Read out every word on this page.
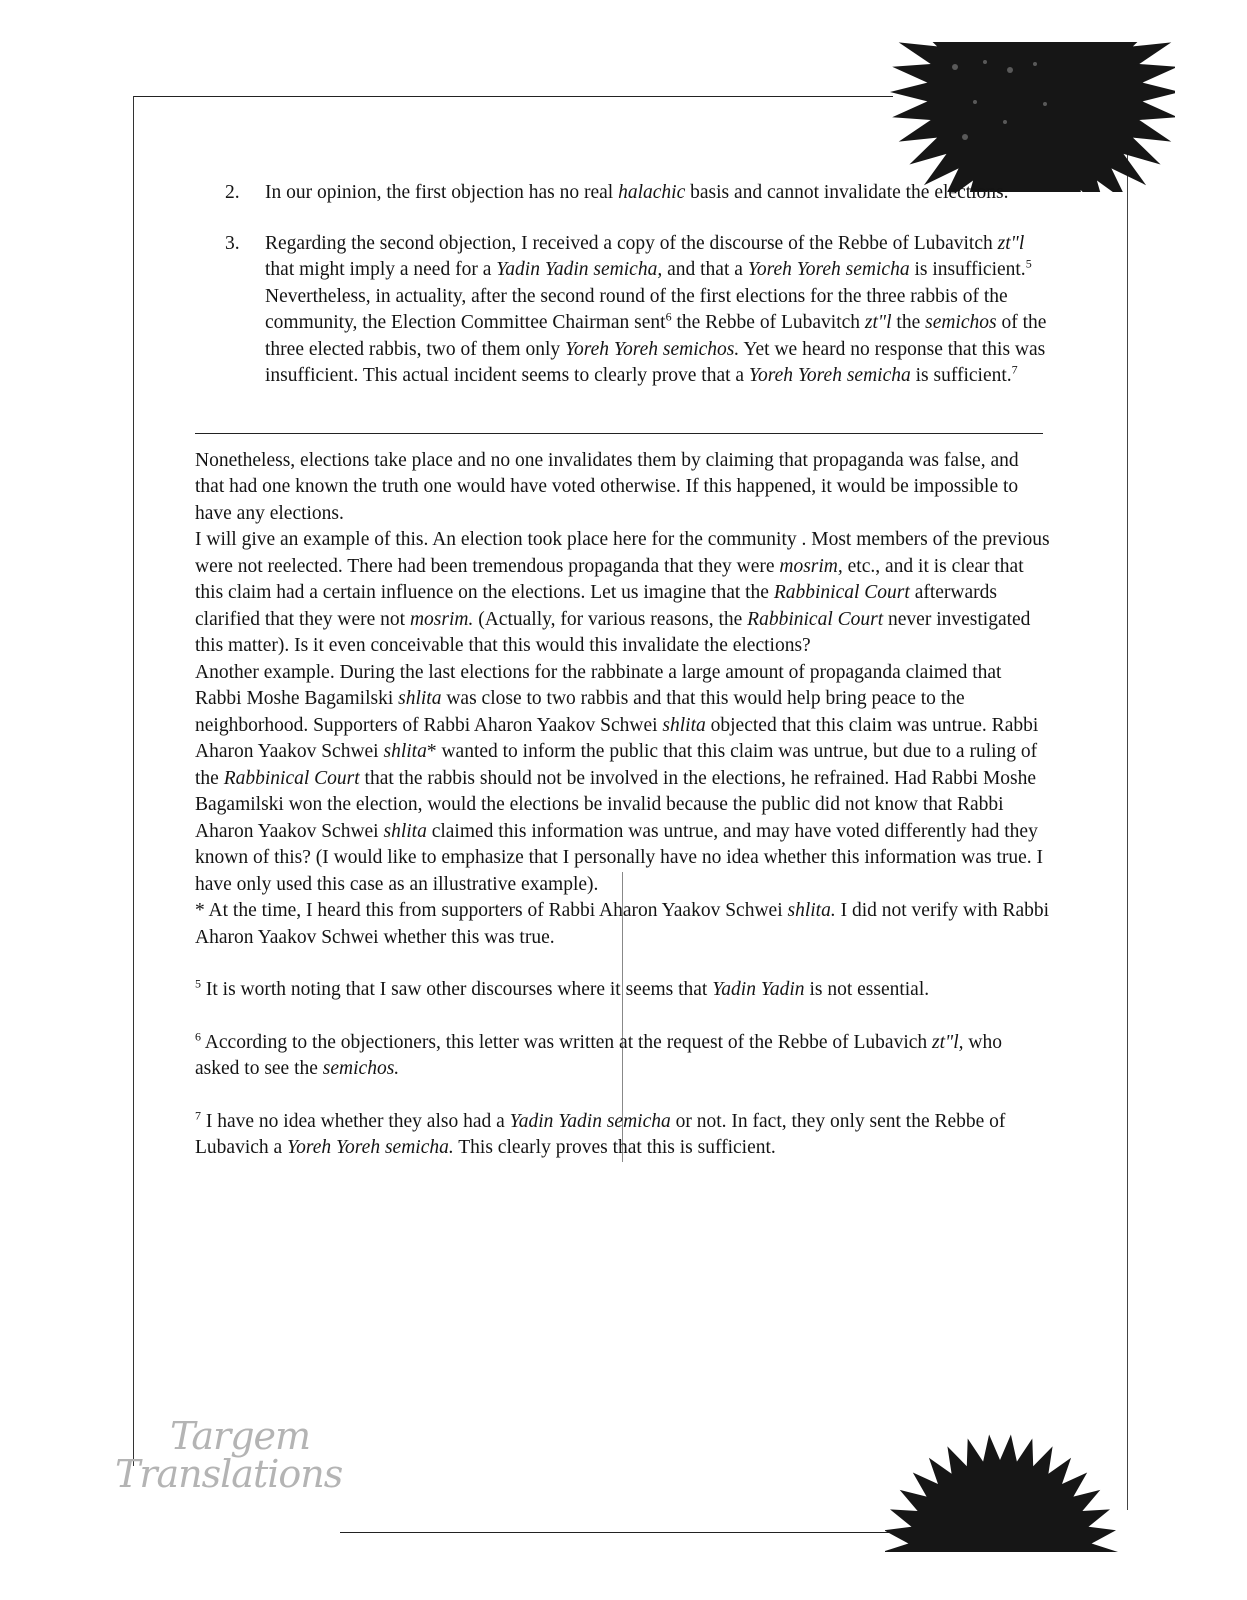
2. In our opinion, the first objection has no real halachic basis and cannot invalidate the elections.
3. Regarding the second objection, I received a copy of the discourse of the Rebbe of Lubavitch zt"l that might imply a need for a Yadin Yadin semicha, and that a Yoreh Yoreh semicha is insufficient.$^5$ Nevertheless, in actuality, after the second round of the first elections for the three rabbis of the community, the Election Committee Chairman sent$^6$ the Rebbe of Lubavitch zt"l the semichos of the three elected rabbis, two of them only Yoreh Yoreh semichos. Yet we heard no response that this was insufficient. This actual incident seems to clearly prove that a Yoreh Yoreh semicha is sufficient.$^7$

Nonetheless, elections take place and no one invalidates them by claiming that propaganda was false, and that had one known the truth one would have voted otherwise. If this happened, it would be impossible to have any elections.

I will give an example of this. An election took place here for the community . Most members of the previous were not reelected. There had been tremendous propaganda that they were mosrim, etc., and it is clear that this claim had a certain influence on the elections. Let us imagine that the Rabbinical Court afterwards clarified that they were not mosrim. (Actually, for various reasons, the Rabbinical Court never investigated this matter). Is it even conceivable that this would this invalidate the elections?

Another example. During the last elections for the rabbinate a large amount of propaganda claimed that Rabbi Moshe Bagamilski shlita was close to two rabbis and that this would help bring peace to the neighborhood. Supporters of Rabbi Aharon Yaakov Schwei shlita objected that this claim was untrue. Rabbi Aharon Yaakov Schwei shlita* wanted to inform the public that this claim was untrue, but due to a ruling of the Rabbinical Court that the rabbis should not be involved in the elections, he refrained. Had Rabbi Moshe Bagamilski won the election, would the elections be invalid because the public did not know that Rabbi Aharon Yaakov Schwei shlita claimed this information was untrue, and may have voted differently had they known of this? (I would like to emphasize that I personally have no idea whether this information was true. I have only used this case as an illustrative example).

* At the time, I heard this from supporters of Rabbi Aharon Yaakov Schwei shlita. I did not verify with Rabbi Aharon Yaakov Schwei whether this was true.

$^5$ It is worth noting that I saw other discourses where it seems that Yadin Yadin is not essential.

$^6$ According to the objectioners, this letter was written at the request of the Rebbe of Lubavich zt"l, who asked to see the semichos.

$^7$ I have no idea whether they also had a Yadin Yadin semicha or not. In fact, they only sent the Rebbe of Lubavich a Yoreh Yoreh semicha. This clearly proves that this is sufficient.

Targem
Translations
